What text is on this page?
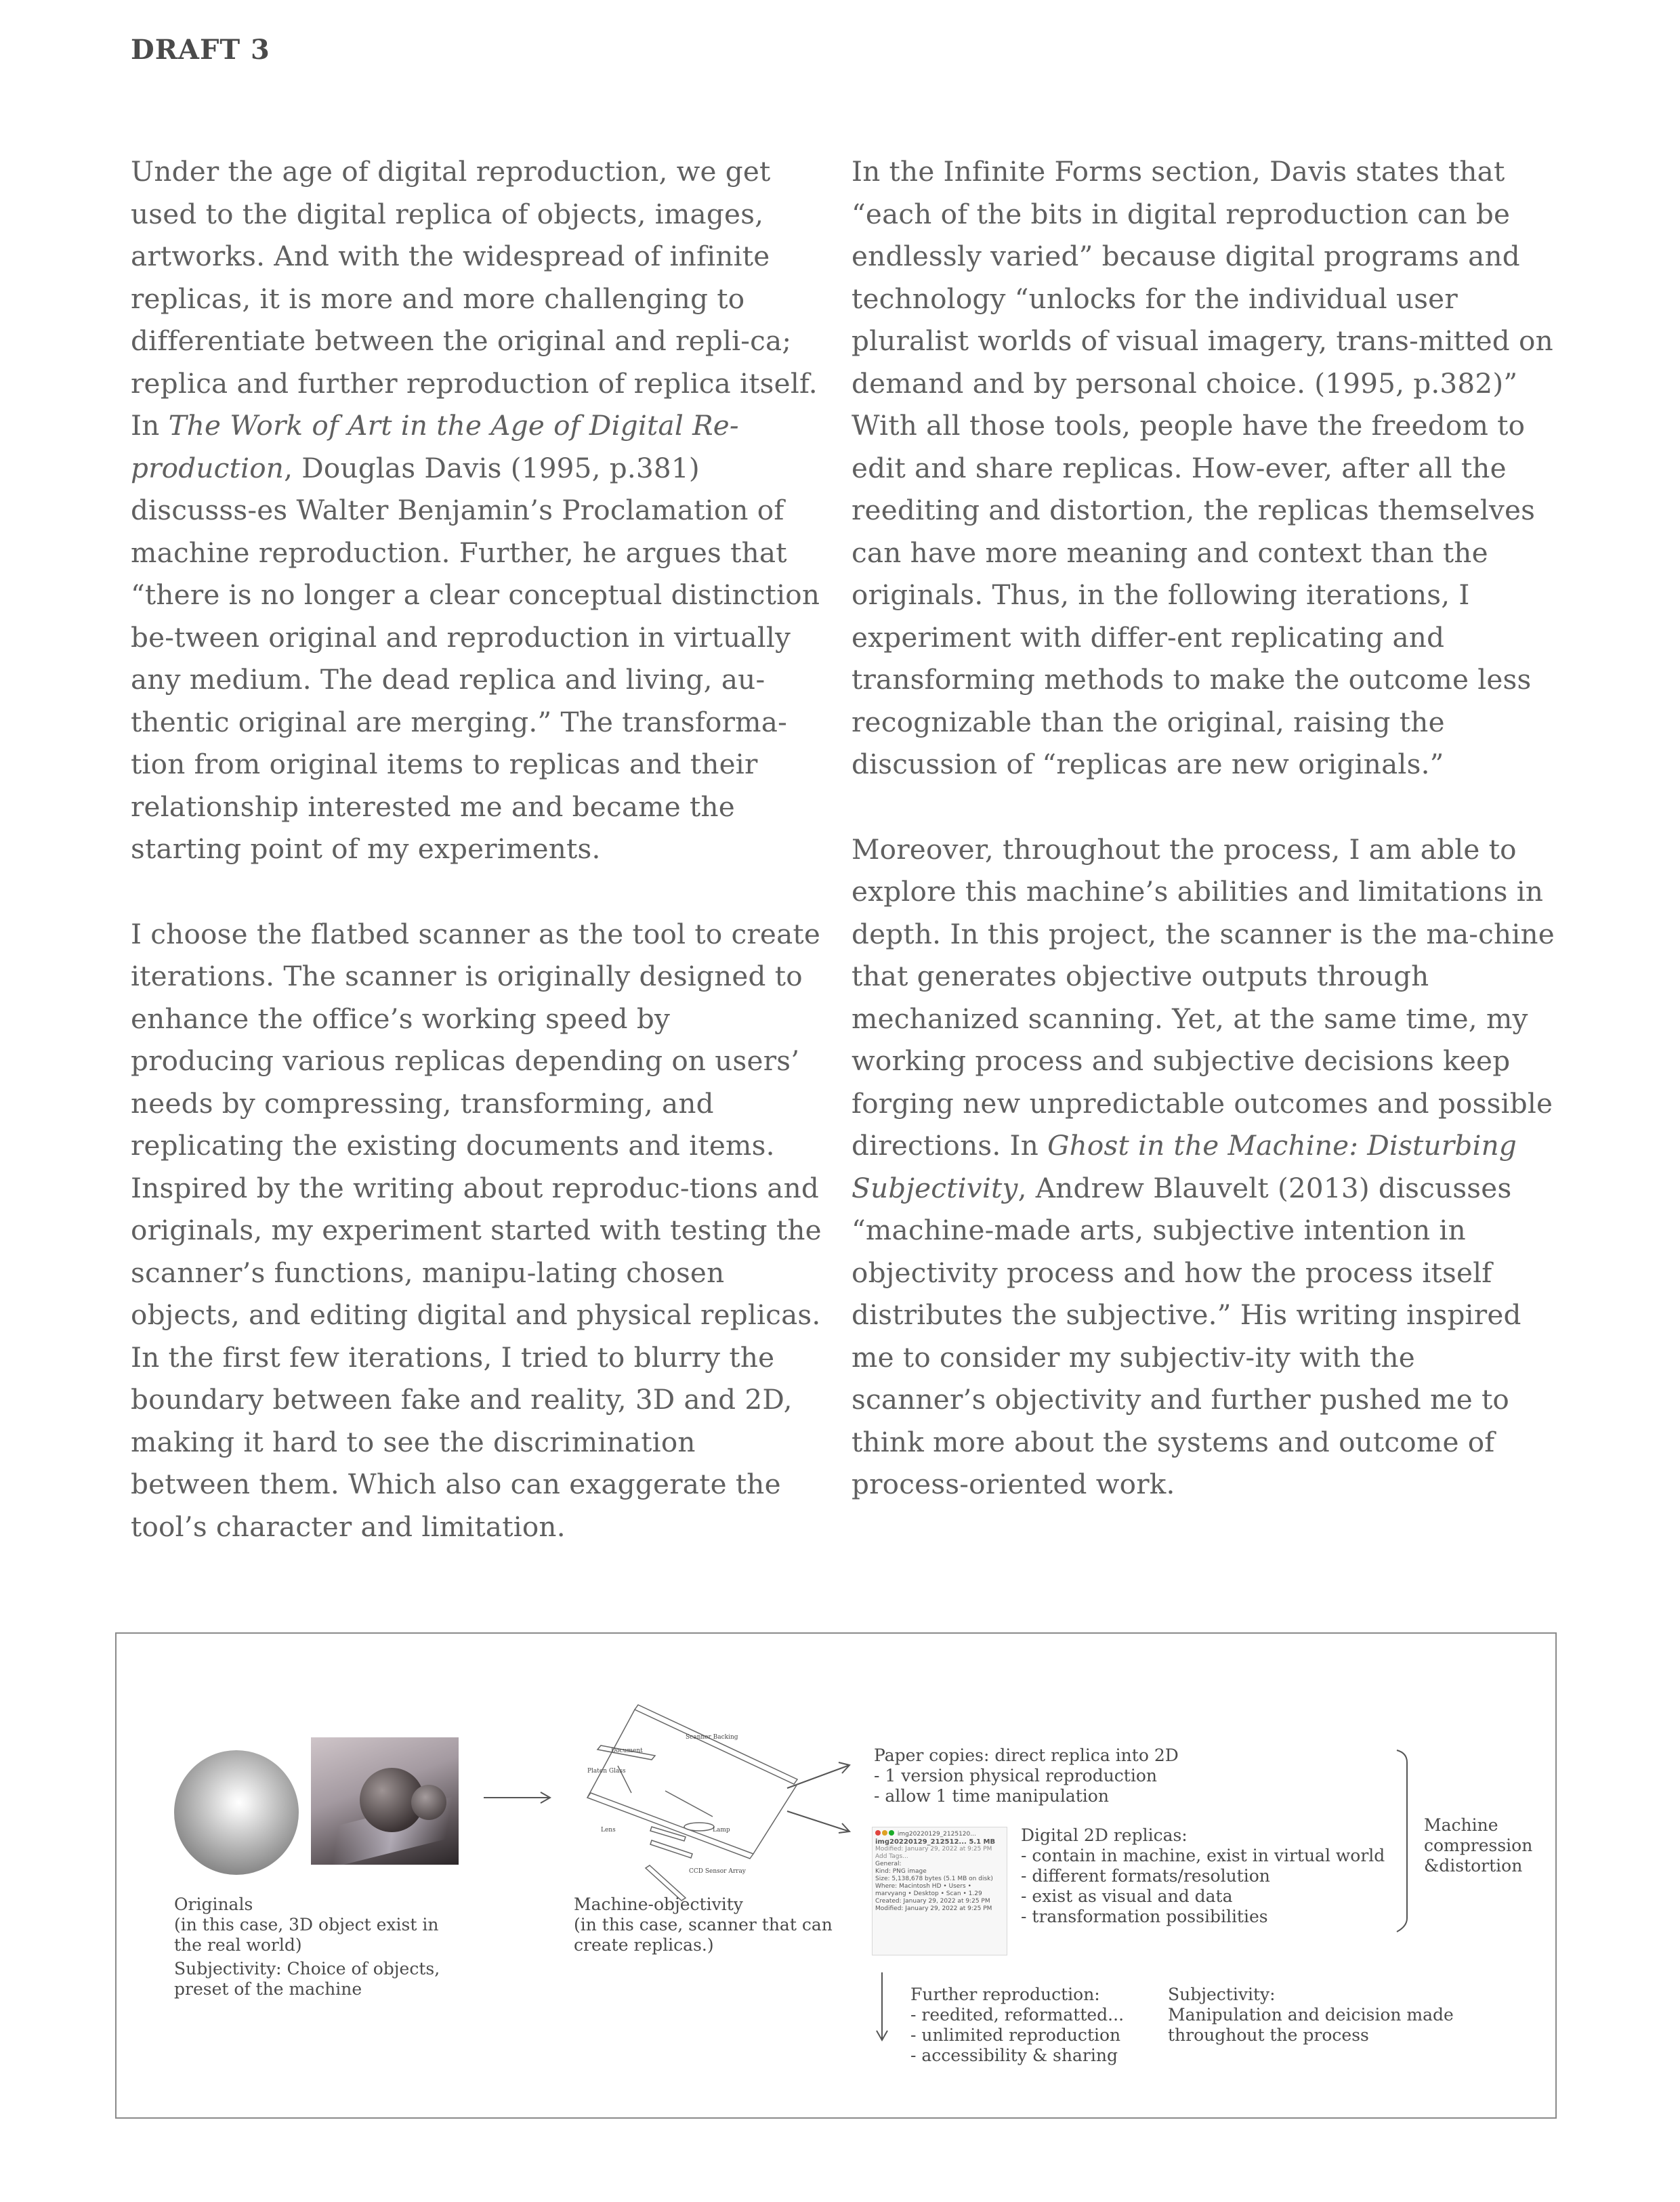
DRAFT 3

Under the age of digital reproduction, we get used to the digital replica of objects, images, artworks. And with the widespread of infinite replicas, it is more and more challenging to differentiate between the original and repli-ca; replica and further reproduction of replica itself. In The Work of Art in the Age of Digital Re-production, Douglas Davis (1995, p.381) discusss-es Walter Benjamin’s Proclamation of machine reproduction. Further, he argues that “there is no longer a clear conceptual distinction be-tween original and reproduction in virtually any medium. The dead replica and living, au-thentic original are merging.” The transforma-tion from original items to replicas and their relationship interested me and became the starting point of my experiments.

I choose the flatbed scanner as the tool to create iterations. The scanner is originally designed to enhance the office’s working speed by producing various replicas depending on users’ needs by compressing, transforming, and replicating the existing documents and items. Inspired by the writing about reproduc-tions and originals, my experiment started with testing the scanner’s functions, manipu-lating chosen objects, and editing digital and physical replicas. In the first few iterations, I tried to blurry the boundary between fake and reality, 3D and 2D, making it hard to see the discrimination between them. Which also can exaggerate the tool’s character and limitation.

In the Infinite Forms section, Davis states that “each of the bits in digital reproduction can be endlessly varied” because digital programs and technology “unlocks for the individual user pluralist worlds of visual imagery, trans-mitted on demand and by personal choice. (1995, p.382)” With all those tools, people have the freedom to edit and share replicas. How-ever, after all the reediting and distortion, the replicas themselves can have more meaning and context than the originals. Thus, in the following iterations, I experiment with differ-ent replicating and transforming methods to make the outcome less recognizable than the original, raising the discussion of “replicas are new originals.”

Moreover, throughout the process, I am able to explore this machine’s abilities and limitations in depth. In this project, the scanner is the ma-chine that generates objective outputs through mechanized scanning. Yet, at the same time, my working process and subjective decisions keep forging new unpredictable outcomes and possible directions. In Ghost in the Machine: Disturbing Subjectivity, Andrew Blauvelt (2013) discusses “machine-made arts, subjective intention in objectivity process and how the process itself distributes the subjective.” His writing inspired me to consider my subjectiv-ity with the scanner’s objectivity and further pushed me to think more about the systems and outcome of process-oriented work.

Scanner Backing
Document
Platen Glass
Lens	Lamp
CCD Sensor Array
img20220129_2125120...
img20220129_212512... 5.1 MB
Modified: January 29, 2022 at 9:25 PM
Add Tags...
General:
Kind: PNG image
Size: 5,138,678 bytes (5.1 MB on disk)
Where: Macintosh HD • Users • marvyang • Desktop • Scan • 1.29
Created: January 29, 2022 at 9:25 PM
Modified: January 29, 2022 at 9:25 PM
Originals
(in this case, 3D object exist in
the real world)
Subjectivity: Choice of objects,
preset of the machine
Machine-objectivity
(in this case, scanner that can
create replicas.)
Paper copies: direct replica into 2D
- 1 version physical reproduction
- allow 1 time manipulation
Digital 2D replicas:
- contain in machine, exist in virtual world
- different formats/resolution
- exist as visual and data
- transformation possibilities
Machine
compression
&distortion
Further reproduction:
- reedited, reformatted...
- unlimited reproduction
- accessibility & sharing
Subjectivity:
Manipulation and deicision made
throughout the process
